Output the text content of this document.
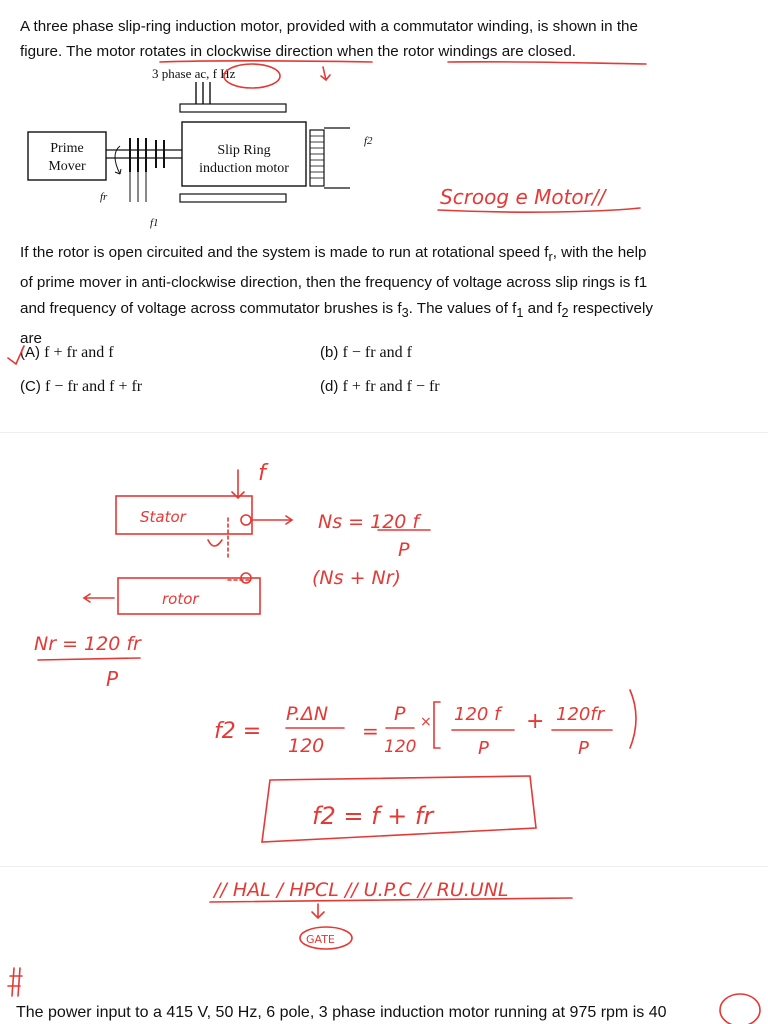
A three phase slip-ring induction motor, provided with a commutator winding, is shown in the

figure. The motor rotates in clockwise direction when the rotor windings are closed.

3 phase ac, f Hz
Slip Ring
induction motor
f2
Prime
Mover
fr
f1
If the rotor is open circuited and the system is made to run at rotational speed $f_r$, with the help
of prime mover in anti-clockwise direction, then the frequency of voltage across slip rings is f1
and frequency of voltage across commutator brushes is $f_3$. The values of $f_1$ and $f_2$ respectively
are
(A) f + fr and f	(b) f − fr and f
(C) f − fr and f + fr	(d) f + fr and f − fr
Scroog e Motor//
Stator
rotor
f
Ns = 120 f
P
(Ns + Nr)
Nr = 120 fr
P
f2 =
P.ΔN
120
=
P
120
× 120 f
P
+ 120fr
P
f2 = f + fr
// HAL / HPCL // U.P.C // RU.UNL
GATE
#
The power input to a 415 V, 50 Hz, 6 pole, 3 phase induction motor running at 975 rpm is 40
